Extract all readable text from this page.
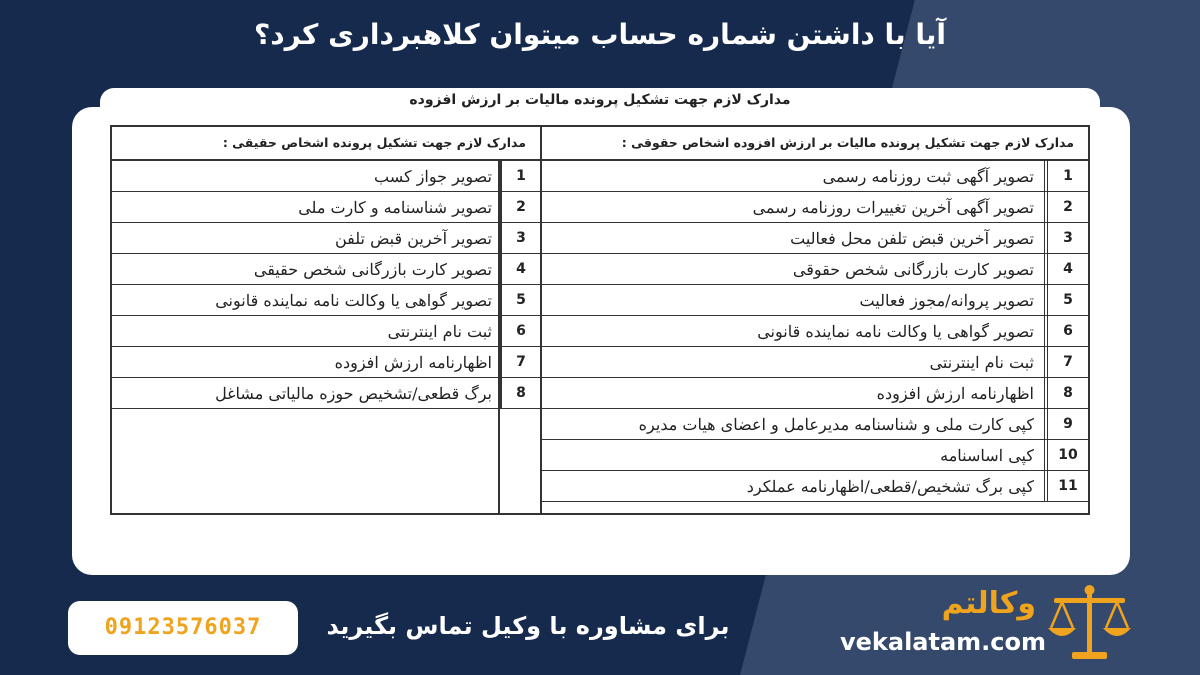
آیا با داشتن شماره حساب میتوان کلاهبرداری کرد؟
مدارک لازم جهت تشکیل پرونده مالیات بر ارزش افزوده
مدارک لازم جهت تشکیل پرونده مالیات بر ارزش افزوده اشخاص حقوقی :
1
تصویر آگهی ثبت روزنامه رسمی
2
تصویر آگهی آخرین تغییرات روزنامه رسمی
3
تصویر آخرین قبض تلفن محل فعالیت
4
تصویر کارت بازرگانی شخص حقوقی
5
تصویر پروانه/مجوز فعالیت
6
تصویر گواهی یا وکالت نامه نماینده قانونی
7
ثبت نام اینترنتی
8
اظهارنامه ارزش افزوده
9
کپی کارت ملی و شناسنامه مدیرعامل و اعضای هیات مدیره
10
کپی اساسنامه
11
کپی برگ تشخیص/قطعی/اظهارنامه عملکرد
مدارک لازم جهت تشکیل پرونده اشخاص حقیقی :
1
تصویر جواز کسب
2
تصویر شناسنامه و کارت ملی
3
تصویر آخرین قبض تلفن
4
تصویر کارت بازرگانی شخص حقیقی
5
تصویر گواهی یا وکالت نامه نماینده قانونی
6
ثبت نام اینترنتی
7
اظهارنامه ارزش افزوده
8
برگ قطعی/تشخیص حوزه مالیاتی مشاغل
09123576037	برای مشاوره با وکیل تماس بگیرید
وکالتم
vekalatam.com
